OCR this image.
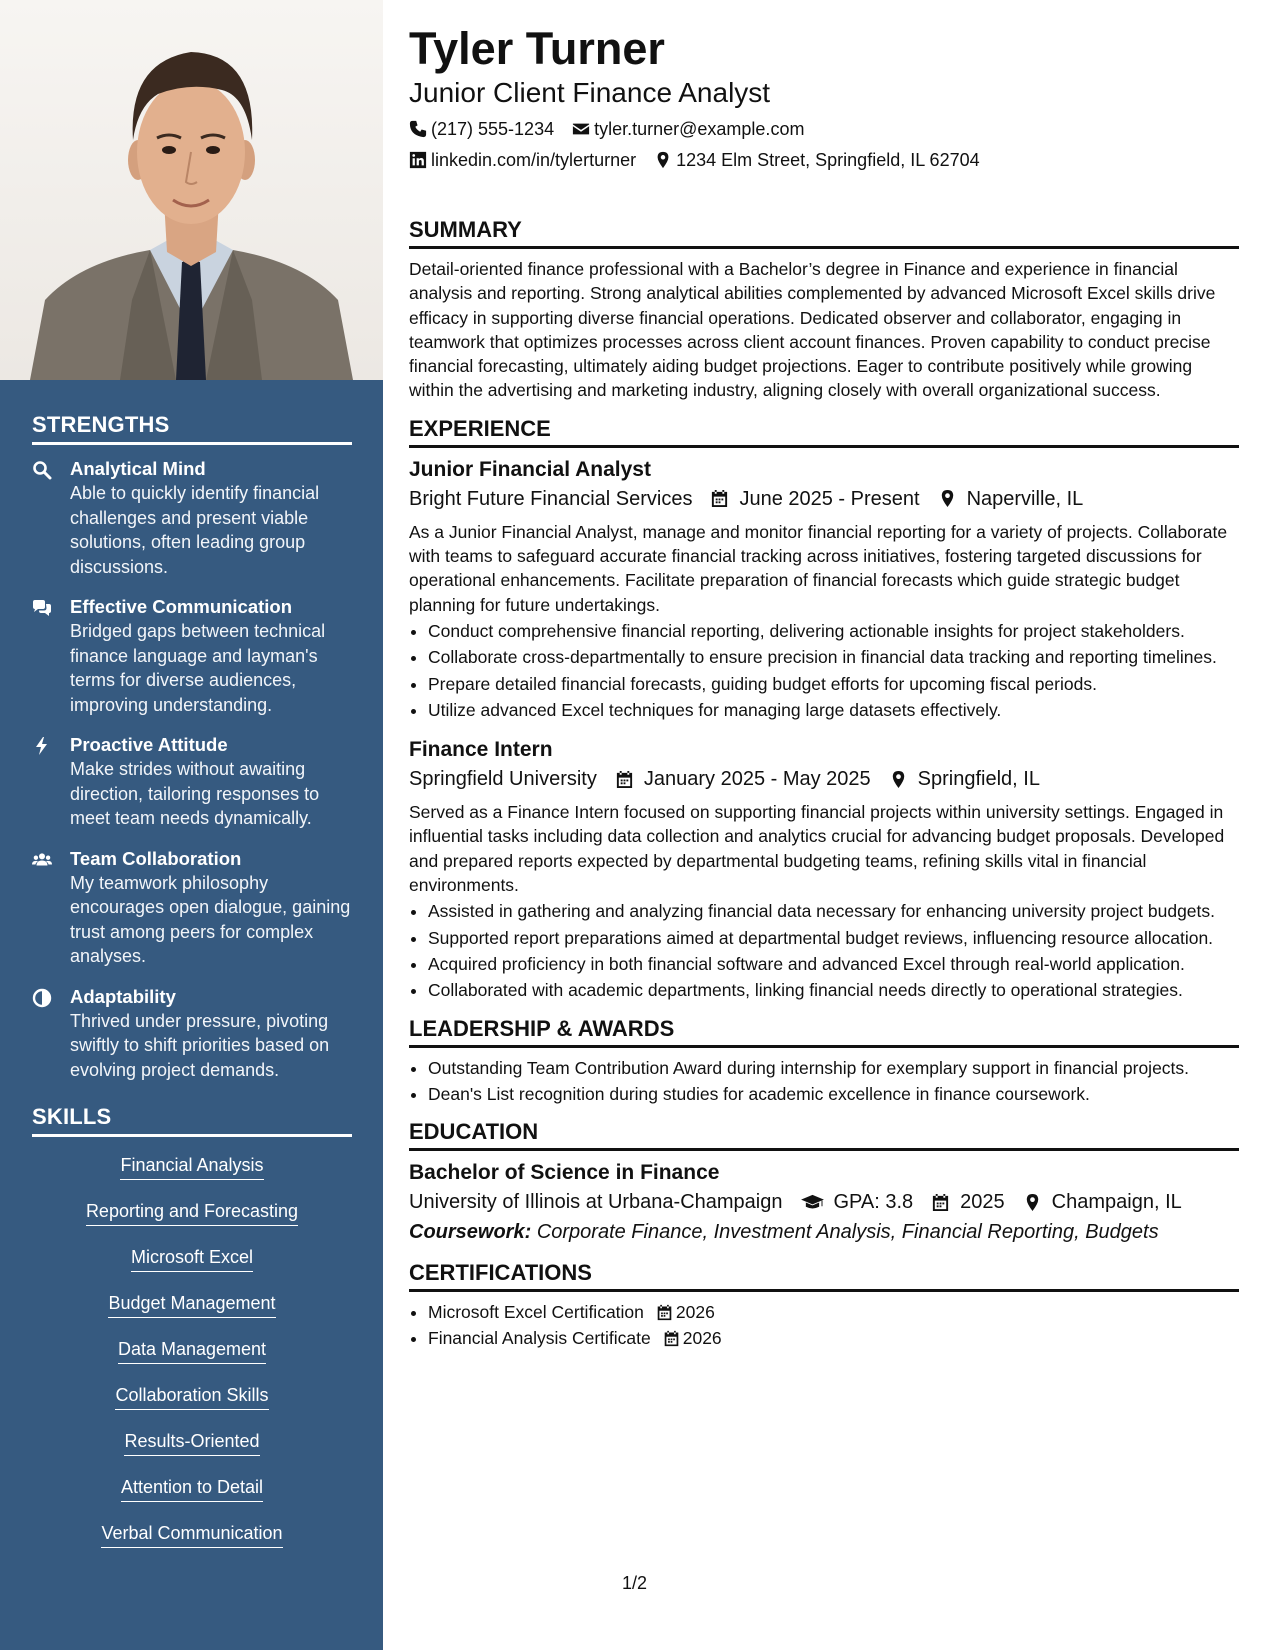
STRENGTHS
Analytical Mind
Able to quickly identify financial challenges and present viable solutions, often leading group discussions.
Effective Communication
Bridged gaps between technical finance language and layman's terms for diverse audiences, improving understanding.
Proactive Attitude
Make strides without awaiting direction, tailoring responses to meet team needs dynamically.
Team Collaboration
My teamwork philosophy encourages open dialogue, gaining trust among peers for complex analyses.
Adaptability
Thrived under pressure, pivoting swiftly to shift priorities based on evolving project demands.
SKILLS
Financial Analysis
Reporting and Forecasting
Microsoft Excel
Budget Management
Data Management
Collaboration Skills
Results-Oriented
Attention to Detail
Verbal Communication
Tyler Turner
Junior Client Finance Analyst
(217) 555-1234 tyler.turner@example.com
linkedin.com/in/tylerturner 1234 Elm Street, Springfield, IL 62704
SUMMARY
Detail-oriented finance professional with a Bachelor’s degree in Finance and experience in financial analysis and reporting. Strong analytical abilities complemented by advanced Microsoft Excel skills drive efficacy in supporting diverse financial operations. Dedicated observer and collaborator, engaging in teamwork that optimizes processes across client account finances. Proven capability to conduct precise financial forecasting, ultimately aiding budget projections. Eager to contribute positively while growing within the advertising and marketing industry, aligning closely with overall organizational success.
EXPERIENCE
Junior Financial Analyst
Bright Future Financial Services June 2025 - Present Naperville, IL
As a Junior Financial Analyst, manage and monitor financial reporting for a variety of projects. Collaborate with teams to safeguard accurate financial tracking across initiatives, fostering targeted discussions for operational enhancements. Facilitate preparation of financial forecasts which guide strategic budget planning for future undertakings.
• Conduct comprehensive financial reporting, delivering actionable insights for project stakeholders.
• Collaborate cross-departmentally to ensure precision in financial data tracking and reporting timelines.
• Prepare detailed financial forecasts, guiding budget efforts for upcoming fiscal periods.
• Utilize advanced Excel techniques for managing large datasets effectively.
Finance Intern
Springfield University January 2025 - May 2025 Springfield, IL
Served as a Finance Intern focused on supporting financial projects within university settings. Engaged in influential tasks including data collection and analytics crucial for advancing budget proposals. Developed and prepared reports expected by departmental budgeting teams, refining skills vital in financial environments.
• Assisted in gathering and analyzing financial data necessary for enhancing university project budgets.
• Supported report preparations aimed at departmental budget reviews, influencing resource allocation.
• Acquired proficiency in both financial software and advanced Excel through real-world application.
• Collaborated with academic departments, linking financial needs directly to operational strategies.
LEADERSHIP & AWARDS
• Outstanding Team Contribution Award during internship for exemplary support in financial projects.
• Dean's List recognition during studies for academic excellence in finance coursework.
EDUCATION
Bachelor of Science in Finance
University of Illinois at Urbana-Champaign	GPA: 3.8 2025 Champaign, IL
Coursework: Corporate Finance, Investment Analysis, Financial Reporting, Budgets
CERTIFICATIONS
• Microsoft Excel Certification 2026
• Financial Analysis Certificate 2026
1/2
